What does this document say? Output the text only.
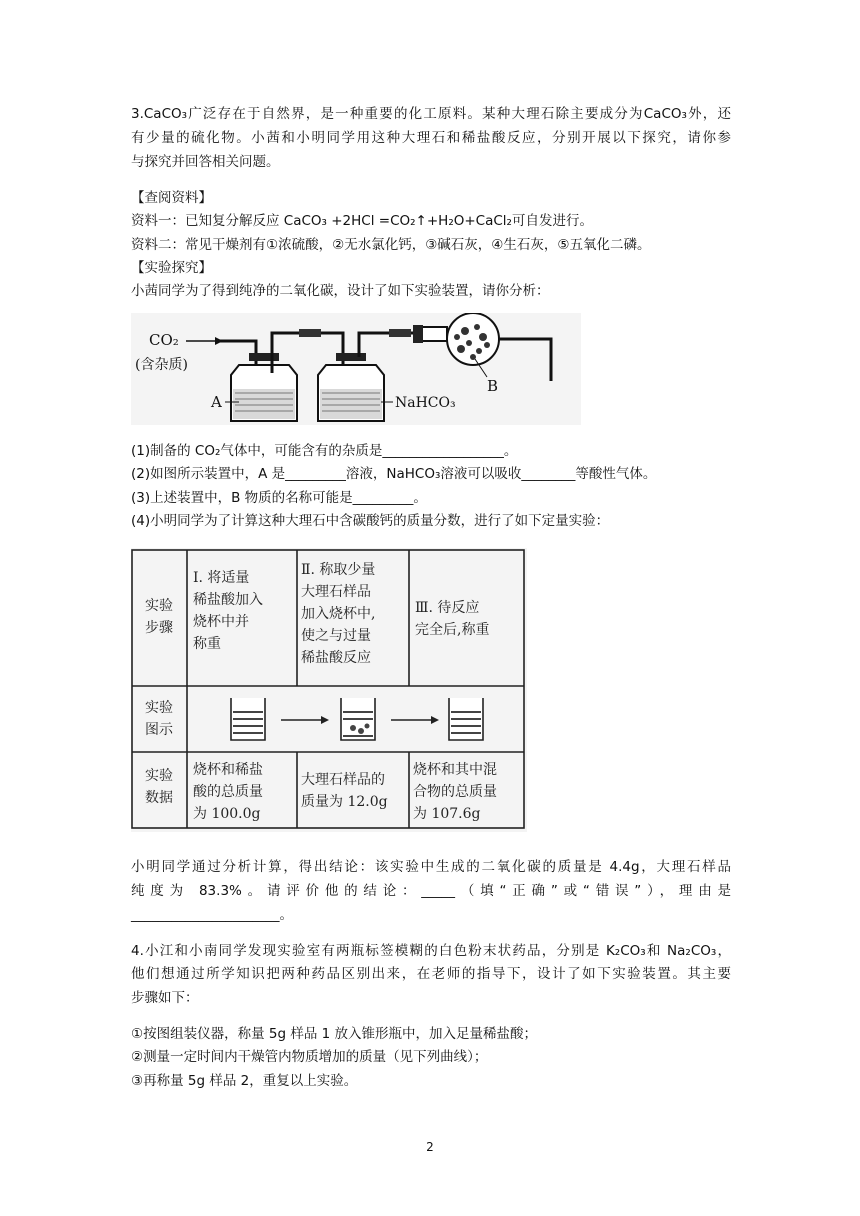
3.CaCO₃广泛存在于自然界，是一种重要的化工原料。某种大理石除主要成分为CaCO₃外，还
有少量的硫化物。小茜和小明同学用这种大理石和稀盐酸反应，分别开展以下探究，请你参
与探究并回答相关问题。
【查阅资料】
资料一：已知复分解反应 CaCO₃ +2HCl =CO₂↑+H₂O+CaCl₂可自发进行。
资料二：常见干燥剂有①浓硫酸，②无水氯化钙，③碱石灰，④生石灰，⑤五氧化二磷。
【实验探究】
小茜同学为了得到纯净的二氧化碳，设计了如下实验装置，请你分析：
CO₂
(含杂质)
A	NaHCO₃
B
(1)制备的 CO₂气体中，可能含有的杂质是__________________。
(2)如图所示装置中，A 是_________溶液，NaHCO₃溶液可以吸收________等酸性气体。
(3)上述装置中，B 物质的名称可能是_________。
(4)小明同学为了计算这种大理石中含碳酸钙的质量分数，进行了如下定量实验：
实验
步骤
实验
图示
实验
数据
Ⅰ. 将适量
稀盐酸加入
烧杯中并
称重
Ⅱ. 称取少量
大理石样品
加入烧杯中,
使之与过量
稀盐酸反应
Ⅲ. 待反应
完全后,称重
烧杯和稀盐
酸的总质量
为 100.0g
大理石样品的
质量为 12.0g
烧杯和其中混
合物的总质量
为 107.6g
小明同学通过分析计算，得出结论：该实验中生成的二氧化碳的质量是 4.4g，大理石样品
纯度为 83.3%。请评价他的结论：_____（填“正确”或“错误”），理由是
______________________。
4.小江和小南同学发现实验室有两瓶标签模糊的白色粉末状药品，分别是 K₂CO₃和 Na₂CO₃，
他们想通过所学知识把两种药品区别出来，在老师的指导下，设计了如下实验装置。其主要
步骤如下：
①按图组装仪器，称量 5g 样品 1 放入锥形瓶中，加入足量稀盐酸；
②测量一定时间内干燥管内物质增加的质量（见下列曲线）；
③再称量 5g 样品 2，重复以上实验。
2
